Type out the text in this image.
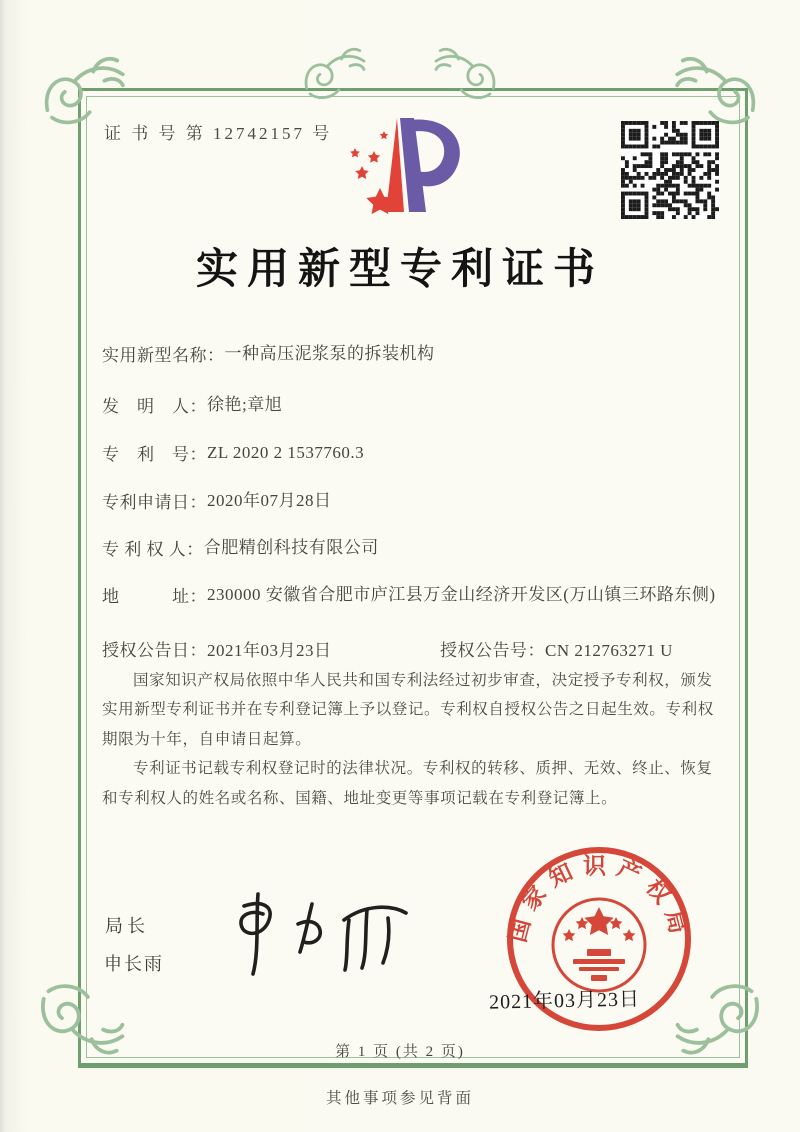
证 书 号 第 12742157 号
实用新型专利证书
实用新型名称： 一种高压泥浆泵的拆装机构
发　明　人： 徐艳;章旭
专　利　号： ZL 2020 2 1537760.3
专利申请日： 2020年07月28日
专 利 权 人： 合肥精创科技有限公司
地　　　址： 230000 安徽省合肥市庐江县万金山经济开发区(万山镇三环路东侧)
授权公告日：2021年03月23日	授权公告号：CN 212763271 U

国家知识产权局依照中华人民共和国专利法经过初步审查，决定授予专利权，颁发实用新型专利证书并在专利登记簿上予以登记。专利权自授权公告之日起生效。专利权期限为十年，自申请日起算。

专利证书记载专利权登记时的法律状况。专利权的转移、质押、无效、终止、恢复和专利权人的姓名或名称、国籍、地址变更等事项记载在专利登记簿上。

局长
申长雨
国家知识产权局
2021年03月23日
第 1 页 (共 2 页)
其他事项参见背面
